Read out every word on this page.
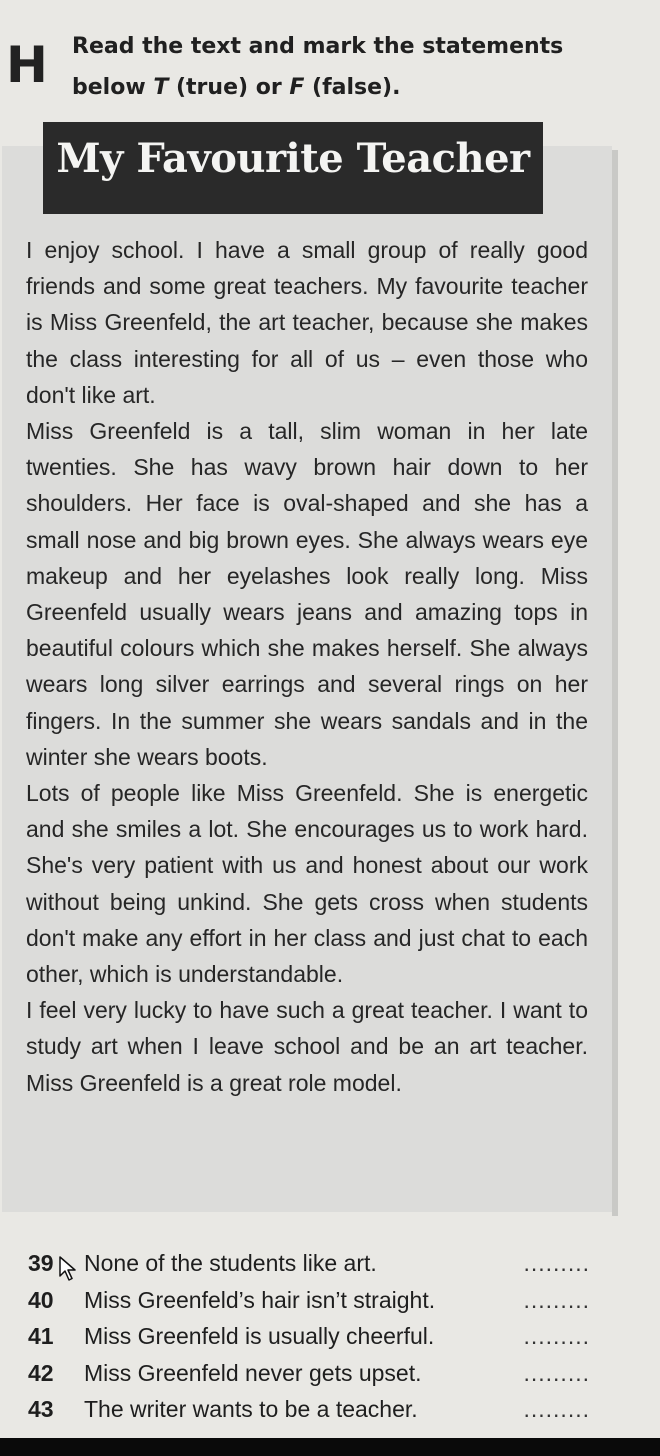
H Read the text and mark the statements
below T (true) or F (false).
My Favourite Teacher

I enjoy school. I have a small group of really good friends and some great teachers. My favourite teacher is Miss Greenfeld, the art teacher, because she makes the class interesting for all of us – even those who don't like art.

Miss Greenfeld is a tall, slim woman in her late twenties. She has wavy brown hair down to her shoulders. Her face is oval-shaped and she has a small nose and big brown eyes. She always wears eye makeup and her eyelashes look really long. Miss Greenfeld usually wears jeans and amazing tops in beautiful colours which she makes herself. She always wears long silver earrings and several rings on her fingers. In the summer she wears sandals and in the winter she wears boots.

Lots of people like Miss Greenfeld. She is energetic and she smiles a lot. She encourages us to work hard. She's very patient with us and honest about our work without being unkind. She gets cross when students don't make any effort in her class and just chat to each other, which is understandable.

I feel very lucky to have such a great teacher. I want to study art when I leave school and be an art teacher. Miss Greenfeld is a great role model.

39	None of the students like art.	.........
40	Miss Greenfeld’s hair isn’t straight.	.........
41	Miss Greenfeld is usually cheerful.	.........
42	Miss Greenfeld never gets upset.	.........
43	The writer wants to be a teacher.	.........
